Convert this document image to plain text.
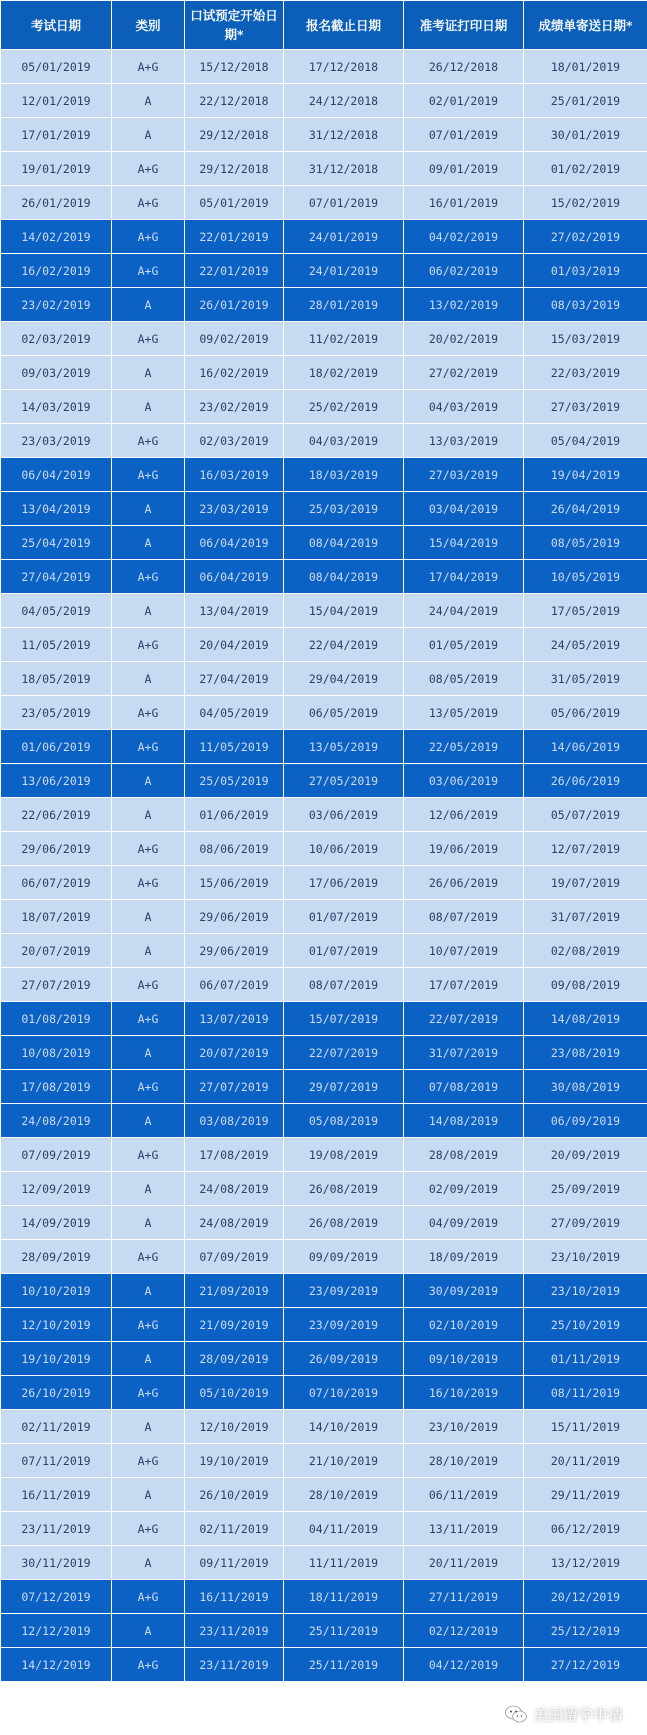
考试日期	类别	口试预定开始日期*	报名截止日期	准考证打印日期	成绩单寄送日期*
05/01/2019	A+G	15/12/2018	17/12/2018	26/12/2018	18/01/2019
12/01/2019	A	22/12/2018	24/12/2018	02/01/2019	25/01/2019
17/01/2019	A	29/12/2018	31/12/2018	07/01/2019	30/01/2019
19/01/2019	A+G	29/12/2018	31/12/2018	09/01/2019	01/02/2019
26/01/2019	A+G	05/01/2019	07/01/2019	16/01/2019	15/02/2019
14/02/2019	A+G	22/01/2019	24/01/2019	04/02/2019	27/02/2019
16/02/2019	A+G	22/01/2019	24/01/2019	06/02/2019	01/03/2019
23/02/2019	A	26/01/2019	28/01/2019	13/02/2019	08/03/2019
02/03/2019	A+G	09/02/2019	11/02/2019	20/02/2019	15/03/2019
09/03/2019	A	16/02/2019	18/02/2019	27/02/2019	22/03/2019
14/03/2019	A	23/02/2019	25/02/2019	04/03/2019	27/03/2019
23/03/2019	A+G	02/03/2019	04/03/2019	13/03/2019	05/04/2019
06/04/2019	A+G	16/03/2019	18/03/2019	27/03/2019	19/04/2019
13/04/2019	A	23/03/2019	25/03/2019	03/04/2019	26/04/2019
25/04/2019	A	06/04/2019	08/04/2019	15/04/2019	08/05/2019
27/04/2019	A+G	06/04/2019	08/04/2019	17/04/2019	10/05/2019
04/05/2019	A	13/04/2019	15/04/2019	24/04/2019	17/05/2019
11/05/2019	A+G	20/04/2019	22/04/2019	01/05/2019	24/05/2019
18/05/2019	A	27/04/2019	29/04/2019	08/05/2019	31/05/2019
23/05/2019	A+G	04/05/2019	06/05/2019	13/05/2019	05/06/2019
01/06/2019	A+G	11/05/2019	13/05/2019	22/05/2019	14/06/2019
13/06/2019	A	25/05/2019	27/05/2019	03/06/2019	26/06/2019
22/06/2019	A	01/06/2019	03/06/2019	12/06/2019	05/07/2019
29/06/2019	A+G	08/06/2019	10/06/2019	19/06/2019	12/07/2019
06/07/2019	A+G	15/06/2019	17/06/2019	26/06/2019	19/07/2019
18/07/2019	A	29/06/2019	01/07/2019	08/07/2019	31/07/2019
20/07/2019	A	29/06/2019	01/07/2019	10/07/2019	02/08/2019
27/07/2019	A+G	06/07/2019	08/07/2019	17/07/2019	09/08/2019
01/08/2019	A+G	13/07/2019	15/07/2019	22/07/2019	14/08/2019
10/08/2019	A	20/07/2019	22/07/2019	31/07/2019	23/08/2019
17/08/2019	A+G	27/07/2019	29/07/2019	07/08/2019	30/08/2019
24/08/2019	A	03/08/2019	05/08/2019	14/08/2019	06/09/2019
07/09/2019	A+G	17/08/2019	19/08/2019	28/08/2019	20/09/2019
12/09/2019	A	24/08/2019	26/08/2019	02/09/2019	25/09/2019
14/09/2019	A	24/08/2019	26/08/2019	04/09/2019	27/09/2019
28/09/2019	A+G	07/09/2019	09/09/2019	18/09/2019	23/10/2019
10/10/2019	A	21/09/2019	23/09/2019	30/09/2019	23/10/2019
12/10/2019	A+G	21/09/2019	23/09/2019	02/10/2019	25/10/2019
19/10/2019	A	28/09/2019	26/09/2019	09/10/2019	01/11/2019
26/10/2019	A+G	05/10/2019	07/10/2019	16/10/2019	08/11/2019
02/11/2019	A	12/10/2019	14/10/2019	23/10/2019	15/11/2019
07/11/2019	A+G	19/10/2019	21/10/2019	28/10/2019	20/11/2019
16/11/2019	A	26/10/2019	28/10/2019	06/11/2019	29/11/2019
23/11/2019	A+G	02/11/2019	04/11/2019	13/11/2019	06/12/2019
30/11/2019	A	09/11/2019	11/11/2019	20/11/2019	13/12/2019
07/12/2019	A+G	16/11/2019	18/11/2019	27/11/2019	20/12/2019
12/12/2019	A	23/11/2019	25/11/2019	02/12/2019	25/12/2019
14/12/2019	A+G	23/11/2019	25/11/2019	04/12/2019	27/12/2019
美国留学申请
